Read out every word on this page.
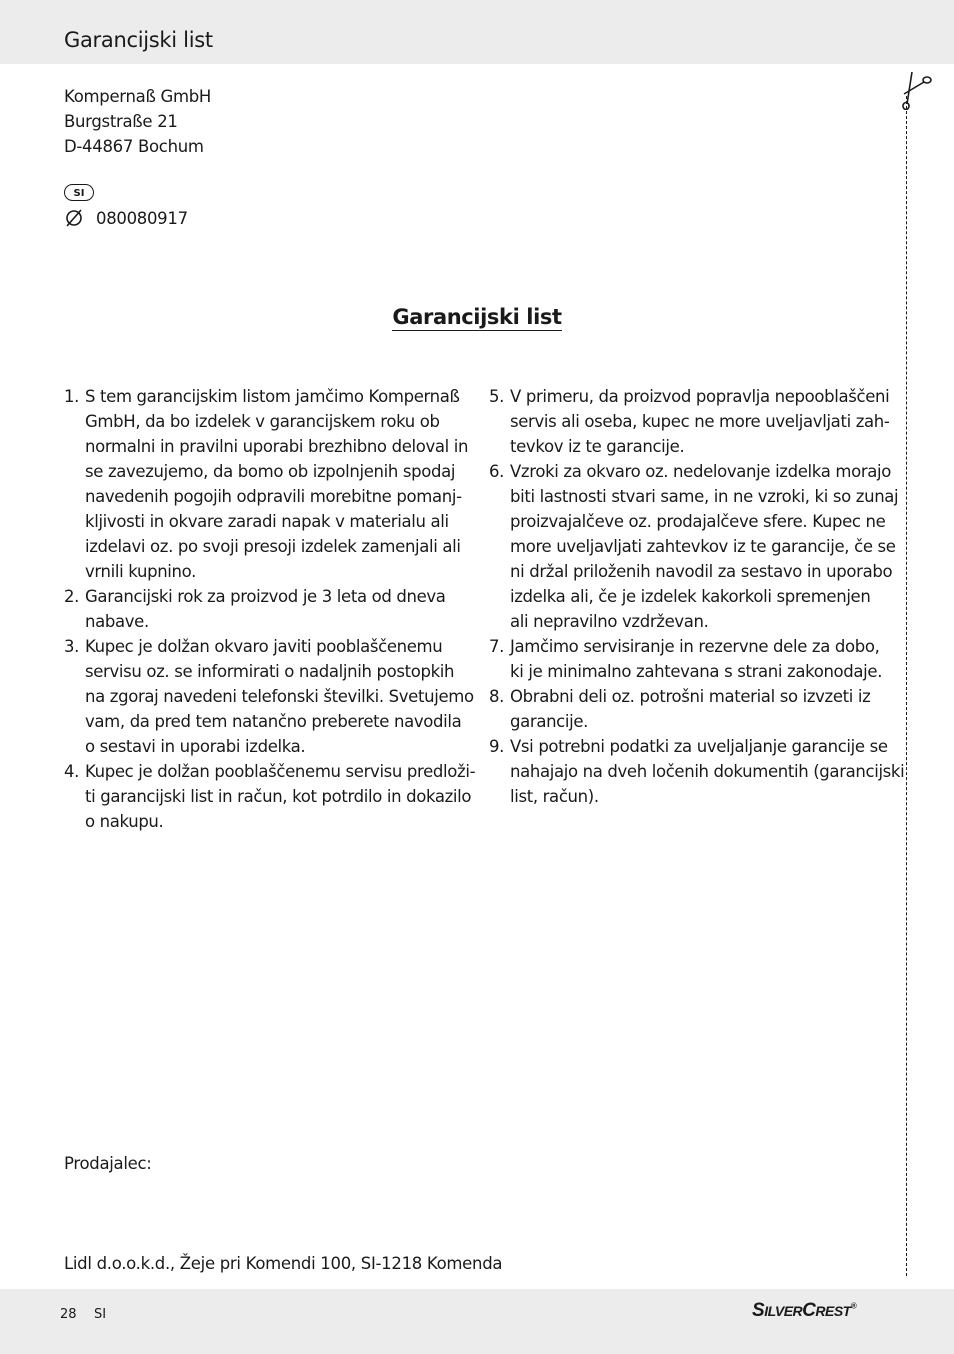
Garancijski list
Kompernaß GmbH
Burgstraße 21
D-44867 Bochum
SI
080080917
Garancijski list
1. S tem garancijskim listom jamčimo Kompernaß
GmbH, da bo izdelek v garancijskem roku ob
normalni in pravilni uporabi brezhibno deloval in
se zavezujemo, da bomo ob izpolnjenih spodaj
navedenih pogojih odpravili morebitne pomanj-
kljivosti in okvare zaradi napak v materialu ali
izdelavi oz. po svoji presoji izdelek zamenjali ali
vrnili kupnino.
2. Garancijski rok za proizvod je 3 leta od dneva
nabave.
3. Kupec je dolžan okvaro javiti pooblaščenemu
servisu oz. se informirati o nadaljnih postopkih
na zgoraj navedeni telefonski številki. Svetujemo
vam, da pred tem natančno preberete navodila
o sestavi in uporabi izdelka.
4. Kupec je dolžan pooblaščenemu servisu predloži-
ti garancijski list in račun, kot potrdilo in dokazilo
o nakupu.
5. V primeru, da proizvod popravlja nepooblaščeni
servis ali oseba, kupec ne more uveljavljati zah-
tevkov iz te garancije.
6. Vzroki za okvaro oz. nedelovanje izdelka morajo
biti lastnosti stvari same, in ne vzroki, ki so zunaj
proizvajalčeve oz. prodajalčeve sfere. Kupec ne
more uveljavljati zahtevkov iz te garancije, če se
ni držal priloženih navodil za sestavo in uporabo
izdelka ali, če je izdelek kakorkoli spremenjen
ali nepravilno vzdrževan.
7. Jamčimo servisiranje in rezervne dele za dobo,
ki je minimalno zahtevana s strani zakonodaje.
8. Obrabni deli oz. potrošni material so izvzeti iz
garancije.
9. Vsi potrebni podatki za uveljaljanje garancije se
nahajajo na dveh ločenih dokumentih (garancijski
list, račun).
Prodajalec:
Lidl d.o.o.k.d., Žeje pri Komendi 100, SI-1218 Komenda
28 SI	SILVERCREST®
